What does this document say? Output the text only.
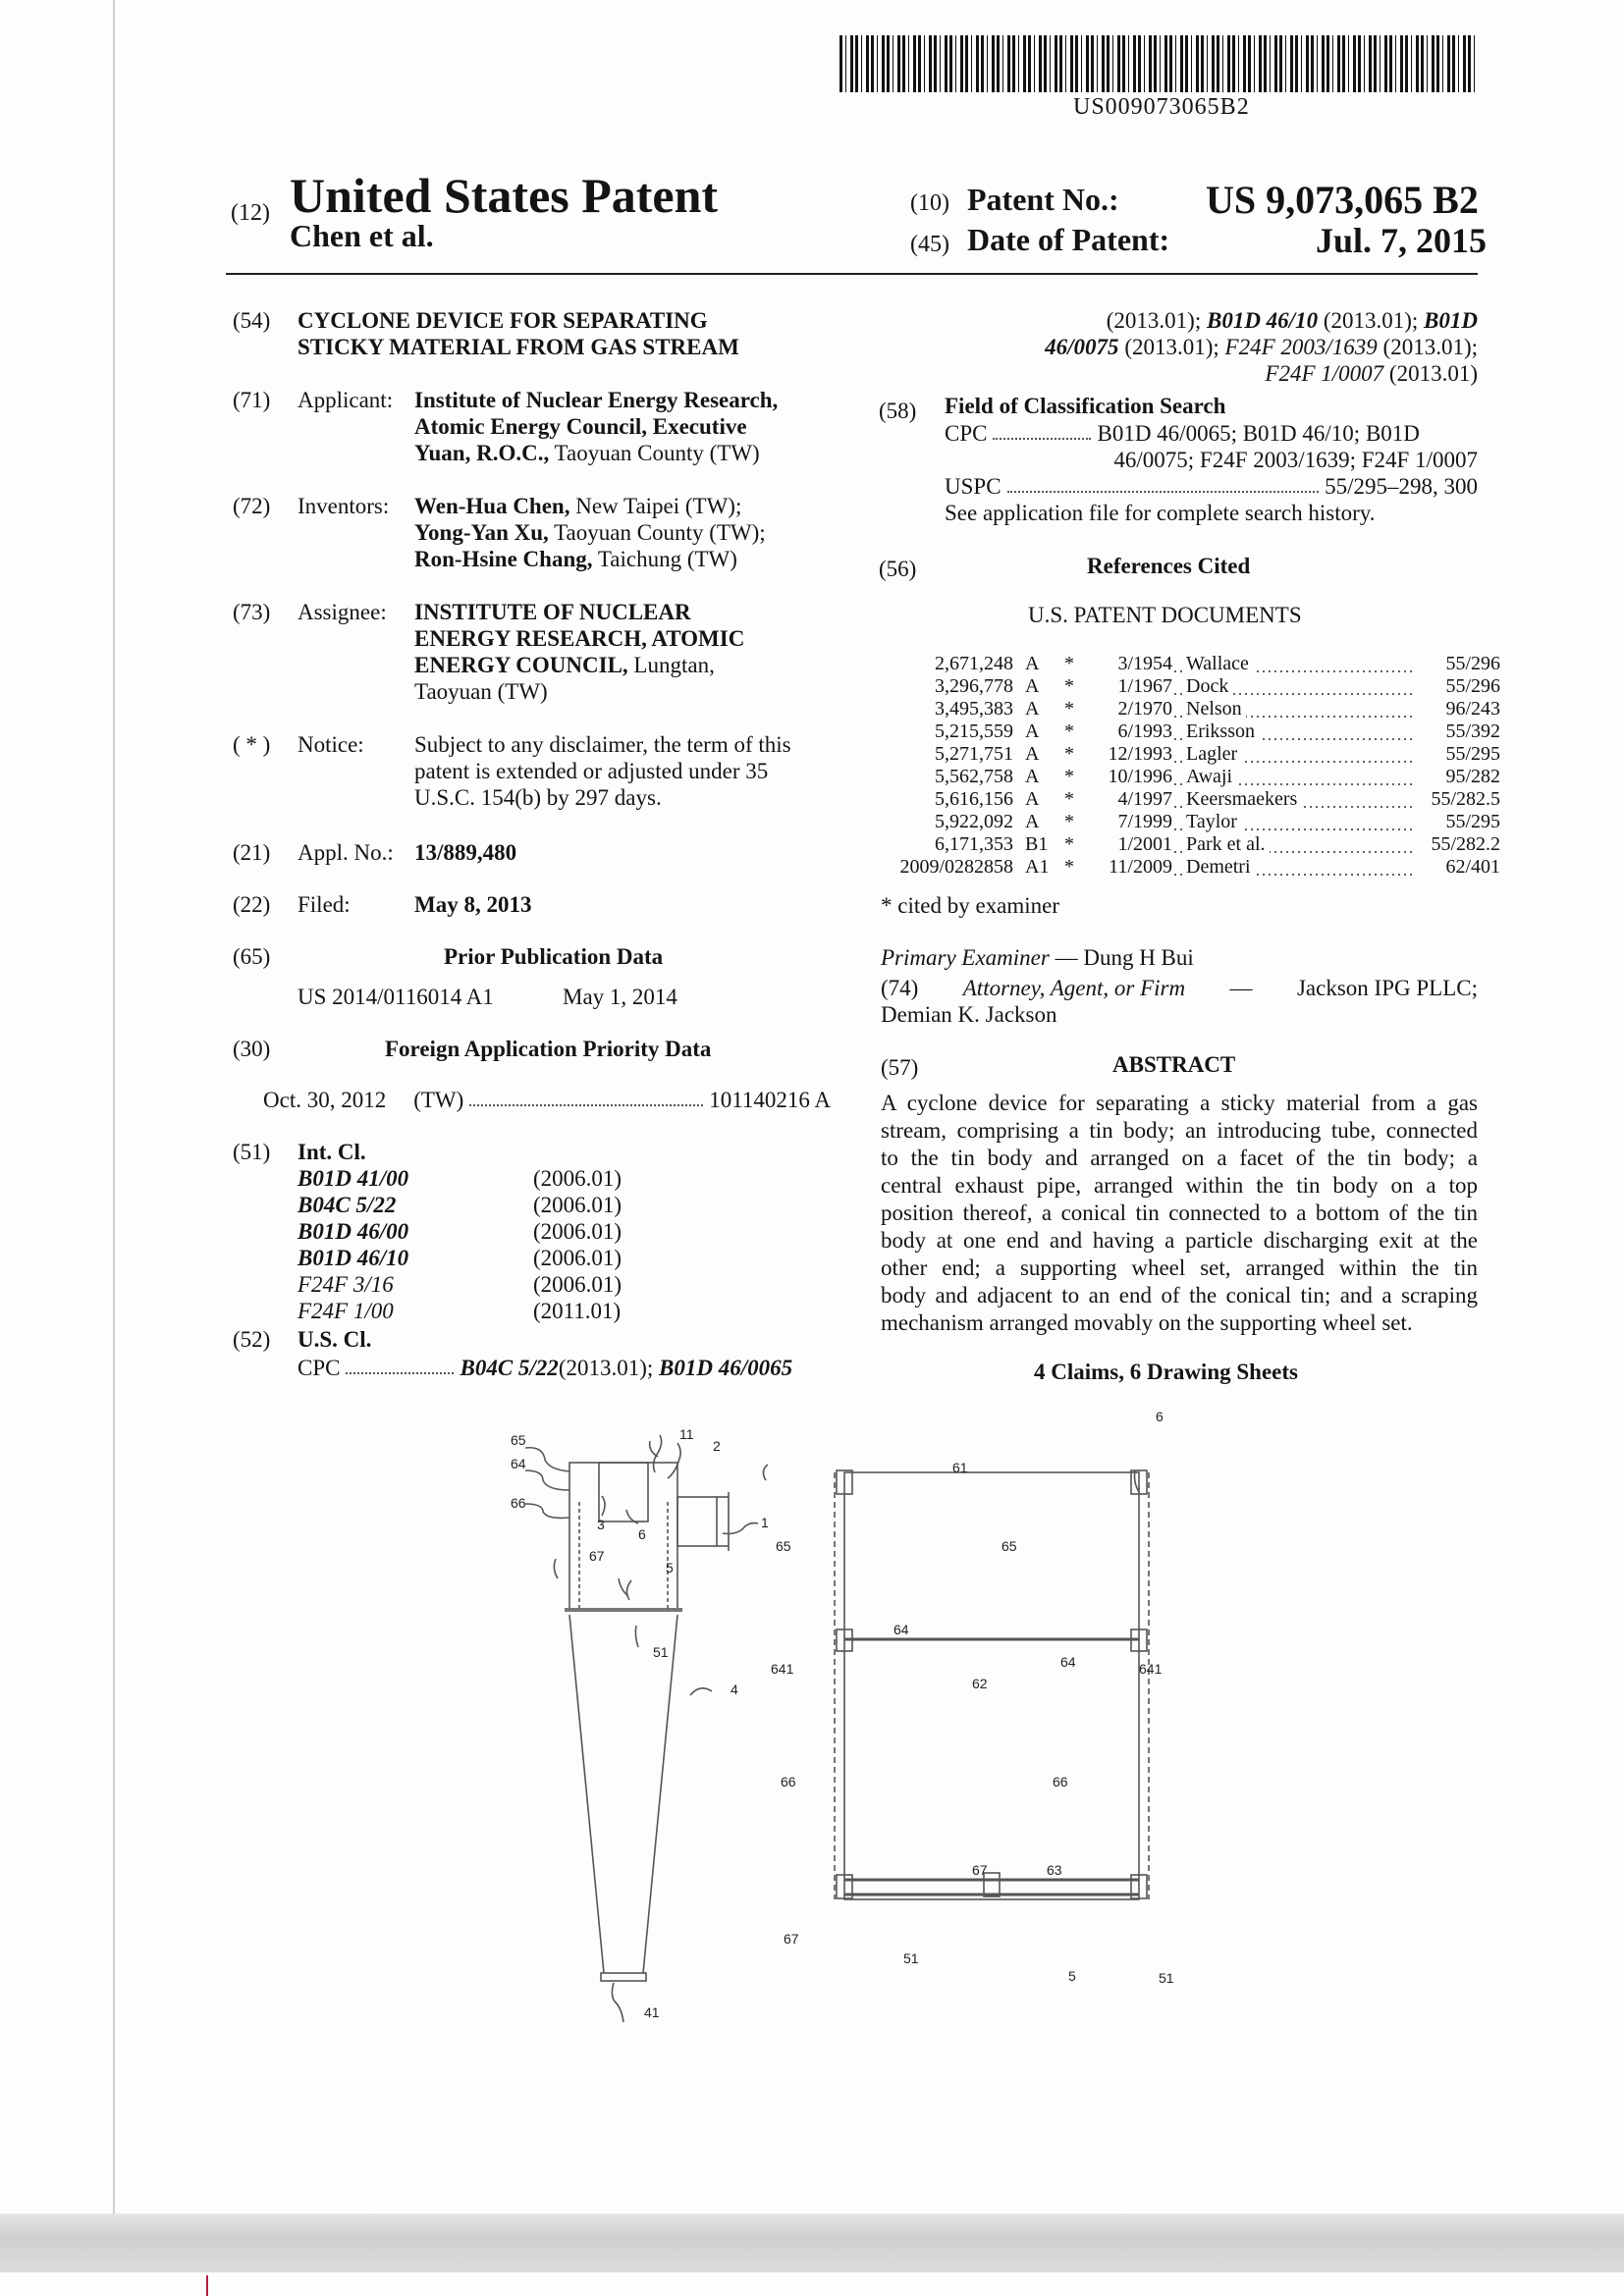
US009073065B2
(12) United States Patent
Chen et al.
(10) Patent No.: US 9,073,065 B2
(45) Date of Patent:	Jul. 7, 2015
(54) CYCLONE DEVICE FOR SEPARATING
STICKY MATERIAL FROM GAS STREAM
(71) Applicant: Institute of Nuclear Energy Research,
Atomic Energy Council, Executive
Yuan, R.O.C., Taoyuan County (TW)
(72) Inventors: Wen-Hua Chen, New Taipei (TW);
Yong-Yan Xu, Taoyuan County (TW);
Ron-Hsine Chang, Taichung (TW)
(73) Assignee: INSTITUTE OF NUCLEAR
ENERGY RESEARCH, ATOMIC
ENERGY COUNCIL, Lungtan,
Taoyuan (TW)
( * ) Notice: Subject to any disclaimer, the term of this
patent is extended or adjusted under 35
U.S.C. 154(b) by 297 days.
(21) Appl. No.: 13/889,480
(22) Filed:	May 8, 2013
(65)	Prior Publication Data
US 2014/0116014 A1	May 1, 2014
(30)	Foreign Application Priority Data
Oct. 30, 2012 (TW)	101140216 A
(51) Int. Cl.
B01D 41/00	(2006.01)
B04C 5/22	(2006.01)
B01D 46/00	(2006.01)
B01D 46/10	(2006.01)
F24F 3/16	(2006.01)
F24F 1/00	(2011.01)
(52) U.S. Cl.
CPC	B04C 5/22 (2013.01);
B01D 46/0065
(2013.01); B01D 46/10 (2013.01); B01D
46/0075 (2013.01); F24F 2003/1639 (2013.01);
F24F 1/0007 (2013.01)
(58) Field of Classification Search
CPC	B01D 46/0065; B01D 46/10; B01D
46/0075; F24F 2003/1639; F24F 1/0007
USPC	55/295–298, 300
See application file for complete search history.
(56)	References Cited
U.S. PATENT DOCUMENTS
2,671,248	A	*	3/1954	Wallace	55/296
3,296,778	A	*	1/1967	Dock	55/296
3,495,383	A	*	2/1970	Nelson	96/243
5,215,559	A	*	6/1993	Eriksson	55/392
5,271,751	A	*	12/1993	Lagler	55/295
5,562,758	A	*	10/1996	Awaji	95/282
5,616,156	A	*	4/1997	Keersmaekers	55/282.5
5,922,092	A	*	7/1999	Taylor	55/295
6,171,353	B1	*	1/2001	Park et al.	55/282.2
2009/0282858	A1	*	11/2009	Demetri	62/401
* cited by examiner
Primary Examiner — Dung H Bui
(74) Attorney, Agent, or Firm — Jackson IPG PLLC;
Demian K. Jackson
(57)	ABSTRACT
A cyclone device for separating a sticky material from a gas
stream, comprising a tin body; an introducing tube, connected
to the tin body and arranged on a facet of the tin body; a
central exhaust pipe, arranged within the tin body on a top
position thereof, a conical tin connected to a bottom of the tin
body at one end and having a particle discharging exit at the
other end; a supporting wheel set, arranged within the tin
body and adjacent to an end of the conical tin; and a scraping
mechanism arranged movably on the supporting wheel set.
4 Claims, 6 Drawing Sheets
65
64
66
3
6
1
67
5
11
2
51
4
41
61
6
65	65
641
64
64	641
62
66	66
67
63
67
51
5	51
